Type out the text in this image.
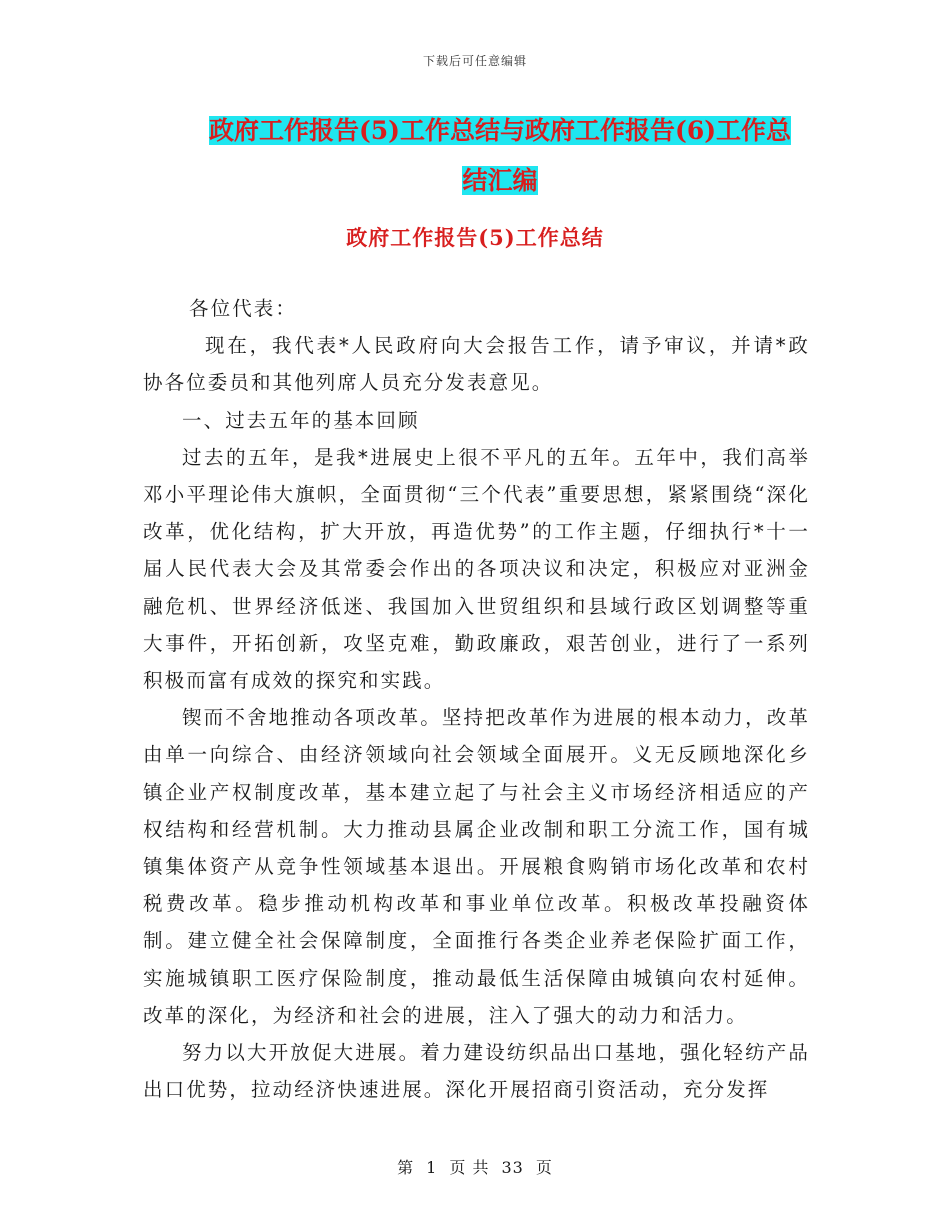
下载后可任意编辑
政府工作报告(5)工作总结与政府工作报告(6)工作总
结汇编
政府工作报告(5)工作总结

各位代表：

现在，我代表*人民政府向大会报告工作，请予审议，并请*政协各位委员和其他列席人员充分发表意见。

一、过去五年的基本回顾

过去的五年，是我*进展史上很不平凡的五年。五年中，我们高举邓小平理论伟大旗帜，全面贯彻“三个代表”重要思想，紧紧围绕“深化改革，优化结构，扩大开放，再造优势”的工作主题，仔细执行*十一届人民代表大会及其常委会作出的各项决议和决定，积极应对亚洲金融危机、世界经济低迷、我国加入世贸组织和县域行政区划调整等重大事件，开拓创新，攻坚克难，勤政廉政，艰苦创业，进行了一系列积极而富有成效的探究和实践。

锲而不舍地推动各项改革。坚持把改革作为进展的根本动力，改革由单一向综合、由经济领域向社会领域全面展开。义无反顾地深化乡镇企业产权制度改革，基本建立起了与社会主义市场经济相适应的产权结构和经营机制。大力推动县属企业改制和职工分流工作，国有城镇集体资产从竞争性领域基本退出。开展粮食购销市场化改革和农村税费改革。稳步推动机构改革和事业单位改革。积极改革投融资体制。建立健全社会保障制度，全面推行各类企业养老保险扩面工作，实施城镇职工医疗保险制度，推动最低生活保障由城镇向农村延伸。改革的深化，为经济和社会的进展，注入了强大的动力和活力。

努力以大开放促大进展。着力建设纺织品出口基地，强化轻纺产品出口优势，拉动经济快速进展。深化开展招商引资活动，充分发挥

第 1 页 共 33 页
